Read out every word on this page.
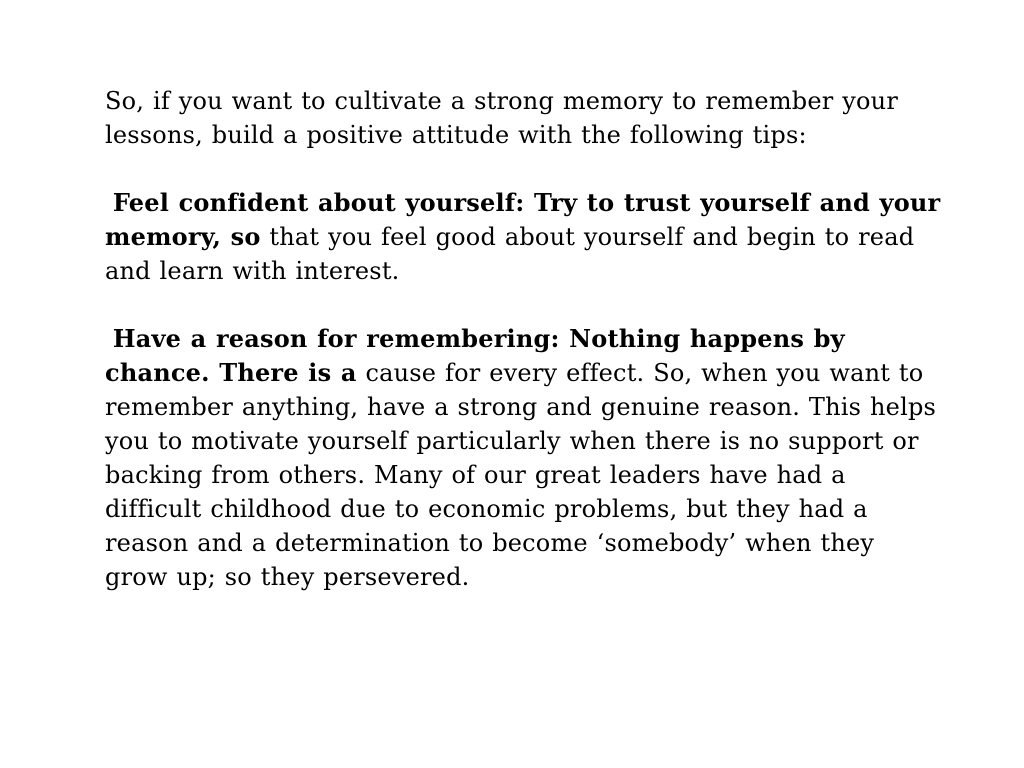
So, if you want to cultivate a strong memory to remember your lessons, build a positive attitude with the following tips:

Feel confident about yourself: Try to trust yourself and your memory, so that you feel good about yourself and begin to read and learn with interest.

Have a reason for remembering: Nothing happens by chance. There is a cause for every effect. So, when you want to remember anything, have a strong and genuine reason. This helps you to motivate yourself particularly when there is no support or backing from others. Many of our great leaders have had a difficult childhood due to economic problems, but they had a reason and a determination to become ‘somebody’ when they grow up; so they persevered.
